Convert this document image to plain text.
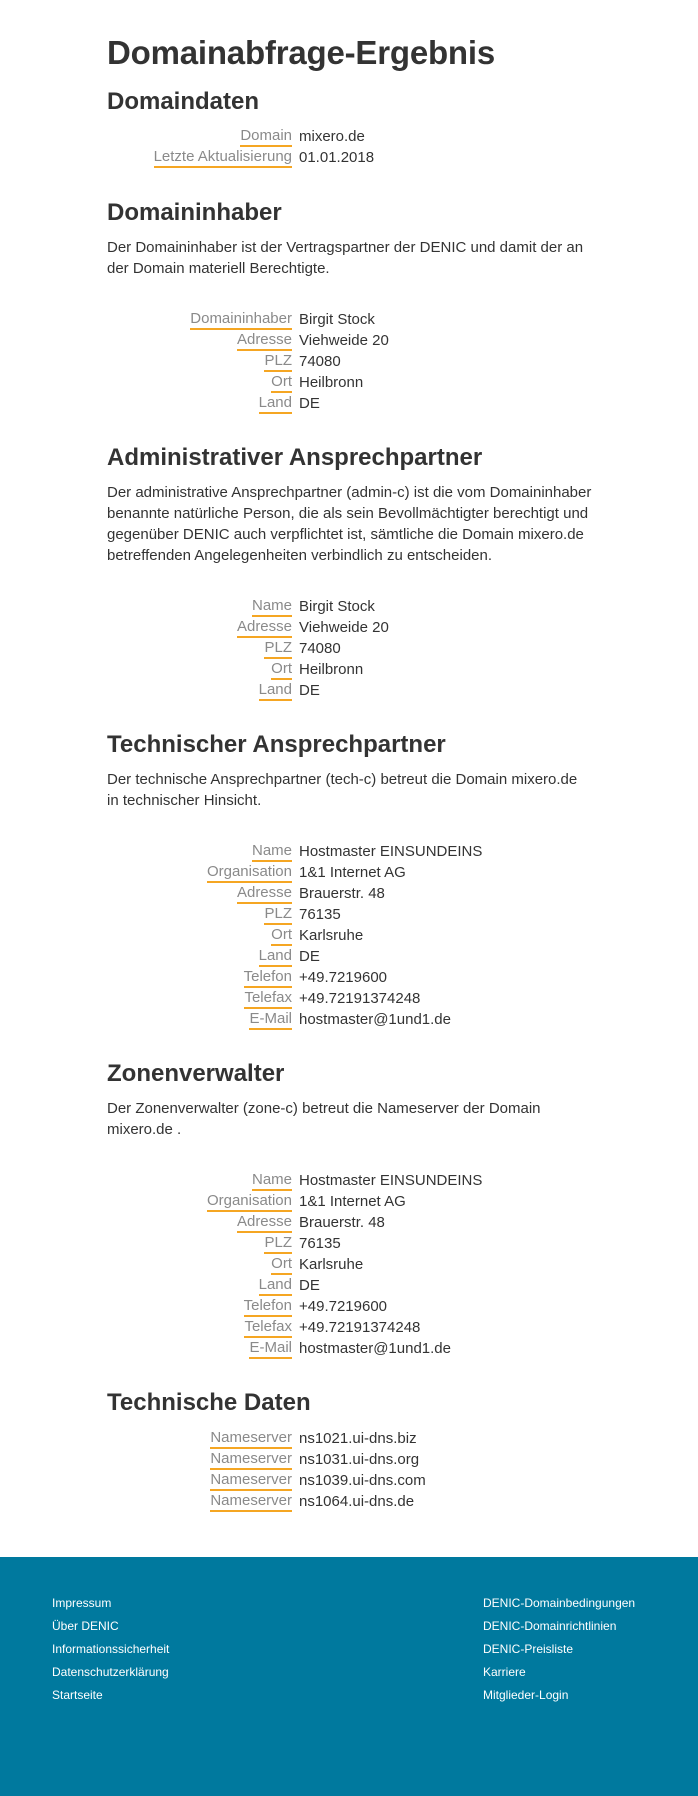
Domainabfrage-Ergebnis
Domaindaten
Domain mixero.de
Letzte Aktualisierung 01.01.2018
Domaininhaber

Der Domaininhaber ist der Vertragspartner der DENIC und damit der an der Domain materiell Berechtigte.

Domaininhaber Birgit Stock
Adresse Viehweide 20
PLZ 74080
Ort Heilbronn
Land DE
Administrativer Ansprechpartner

Der administrative Ansprechpartner (admin-c) ist die vom Domaininhaber benannte natürliche Person, die als sein Bevollmächtigter berechtigt und gegenüber DENIC auch verpflichtet ist, sämtliche die Domain mixero.de betreffenden Angelegenheiten verbindlich zu entscheiden.

Name Birgit Stock
Adresse Viehweide 20
PLZ 74080
Ort Heilbronn
Land DE
Technischer Ansprechpartner

Der technische Ansprechpartner (tech-c) betreut die Domain mixero.de in technischer Hinsicht.

Name Hostmaster EINSUNDEINS
Organisation 1&1 Internet AG
Adresse Brauerstr. 48
PLZ 76135
Ort Karlsruhe
Land DE
Telefon +49.7219600
Telefax +49.72191374248
E-Mail hostmaster@1und1.de
Zonenverwalter

Der Zonenverwalter (zone-c) betreut die Nameserver der Domain mixero.de .

Name Hostmaster EINSUNDEINS
Organisation 1&1 Internet AG
Adresse Brauerstr. 48
PLZ 76135
Ort Karlsruhe
Land DE
Telefon +49.7219600
Telefax +49.72191374248
E-Mail hostmaster@1und1.de
Technische Daten
Nameserver ns1021.ui-dns.biz
Nameserver ns1031.ui-dns.org
Nameserver ns1039.ui-dns.com
Nameserver ns1064.ui-dns.de
Impressum
Über DENIC
Informationssicherheit
Datenschutzerklärung
Startseite
DENIC-Domainbedingungen
DENIC-Domainrichtlinien
DENIC-Preisliste
Karriere
Mitglieder-Login
